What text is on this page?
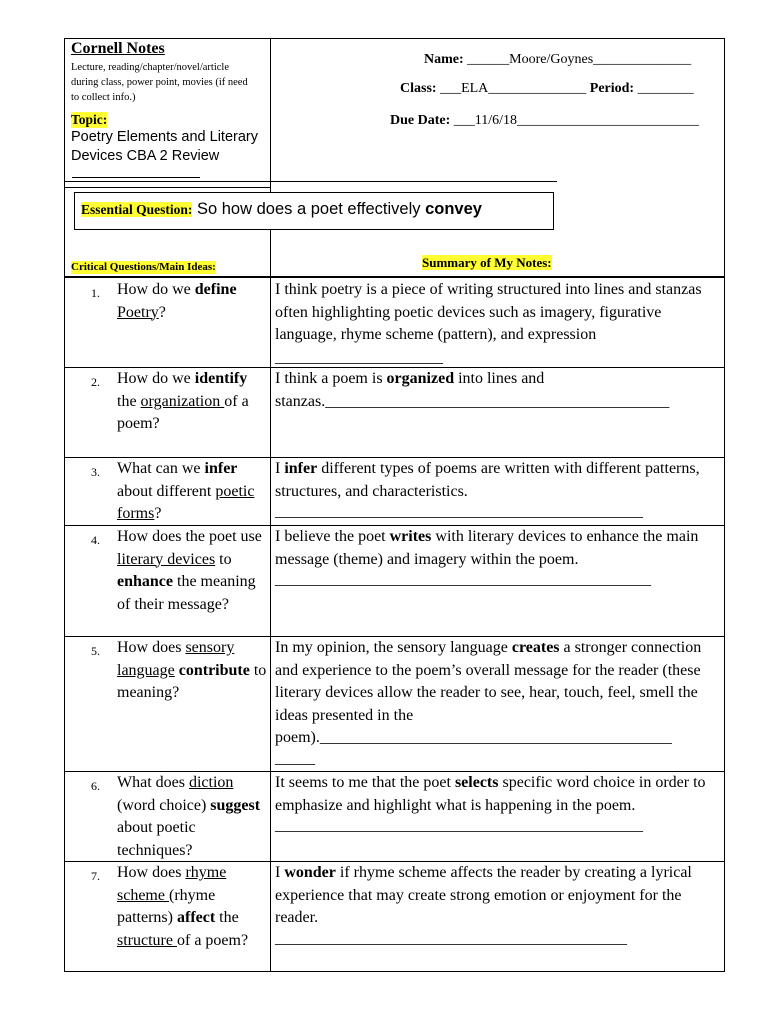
Cornell Notes
Lecture, reading/chapter/novel/article
during class, power point, movies (if need
to collect info.)
Topic:
Poetry Elements and Literary
Devices CBA 2 Review
Name: ______Moore/Goynes______________
Class: ___ELA______________ Period: ________
Due Date: ___11/6/18__________________________
Essential Question: So how does a poet effectively convey
Critical Questions/Main Ideas:	Summary of My Notes:
1. How do we define Poetry?
I think poetry is a piece of writing structured into lines and stanzas often highlighting poetic devices such as imagery, figurative language, rhyme scheme (pattern), and expression _____________________
2. How do we identify the organization of a poem?
I think a poem is organized into lines and stanzas.___________________________________________
3. What can we infer about different poetic forms?
I infer different types of poems are written with different patterns, structures, and characteristics.
______________________________________________
4. How does the poet use literary devices to enhance the meaning of their message?
I believe the poet writes with literary devices to enhance the main message (theme) and imagery within the poem.
_______________________________________________
5. How does sensory language contribute to meaning?
In my opinion, the sensory language creates a stronger connection and experience to the poem’s overall message for the reader (these literary devices allow the reader to see, hear, touch, feel, smell the ideas presented in the poem).____________________________________________
_____
6. What does diction (word choice) suggest about poetic techniques?
It seems to me that the poet selects specific word choice in order to emphasize and highlight what is happening in the poem.
______________________________________________
7. How does rhyme scheme (rhyme patterns) affect the structure of a poem?
I wonder if rhyme scheme affects the reader by creating a lyrical experience that may create strong emotion or enjoyment for the reader.
____________________________________________
